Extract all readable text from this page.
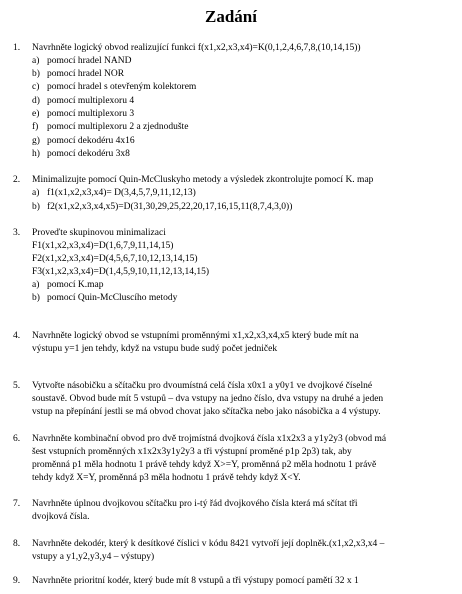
Zadání
1. Navrhněte logický obvod realizující funkci f(x1,x2,x3,x4)=K(0,1,2,4,6,7,8,(10,14,15))
a) pomocí hradel NAND
b) pomocí hradel NOR
c) pomocí hradel s otevřeným kolektorem
d) pomocí multiplexoru 4
e) pomocí multiplexoru 3
f) pomocí multiplexoru 2 a zjednodušte
g) pomocí dekodéru 4x16
h) pomocí dekodéru 3x8
2. Minimalizujte pomocí Quin-McCluskyho metody a výsledek zkontrolujte pomocí K. map
a) f1(x1,x2,x3,x4)= D(3,4,5,7,9,11,12,13)
b) f2(x1,x2,x3,x4,x5)=D(31,30,29,25,22,20,17,16,15,11(8,7,4,3,0))
3. Proveďte skupinovou minimalizaci
F1(x1,x2,x3,x4)=D(1,6,7,9,11,14,15)
F2(x1,x2,x3,x4)=D(4,5,6,7,10,12,13,14,15)
F3(x1,x2,x3,x4)=D(1,4,5,9,10,11,12,13,14,15)
a) pomocí K.map
b) pomocí Quin-McCluscího metody
4. Navrhněte logický obvod se vstupními proměnnými x1,x2,x3,x4,x5 který bude mít na
výstupu y=1 jen tehdy, když na vstupu bude sudý počet jedniček
5. Vytvořte násobičku a sčítačku pro dvoumístná celá čísla x0x1 a y0y1 ve dvojkové číselné
soustavě. Obvod bude mít 5 vstupů – dva vstupy na jedno číslo, dva vstupy na druhé a jeden
vstup na přepínání jestli se má obvod chovat jako sčítačka nebo jako násobička a 4 výstupy.
6. Navrhněte kombinační obvod pro dvě trojmístná dvojková čísla x1x2x3 a y1y2y3 (obvod má
šest vstupních proměnných x1x2x3y1y2y3 a tři výstupní proměné p1p 2p3) tak, aby
proměnná p1 měla hodnotu 1 právě tehdy když X>=Y, proměnná p2 měla hodnotu 1 právě
tehdy když X=Y, proměnná p3 měla hodnotu 1 právě tehdy když X<Y.
7. Navrhněte úplnou dvojkovou sčítačku pro i-tý řád dvojkového čísla která má sčítat tři
dvojková čísla.
8. Navrhněte dekodér, který k desítkové číslici v kódu 8421 vytvoří její doplněk.(x1,x2,x3,x4 –
vstupy a y1,y2,y3,y4 – výstupy)
9. Navrhněte prioritní kodér, který bude mít 8 vstupů a tři výstupy pomocí pamětí 32 x 1
